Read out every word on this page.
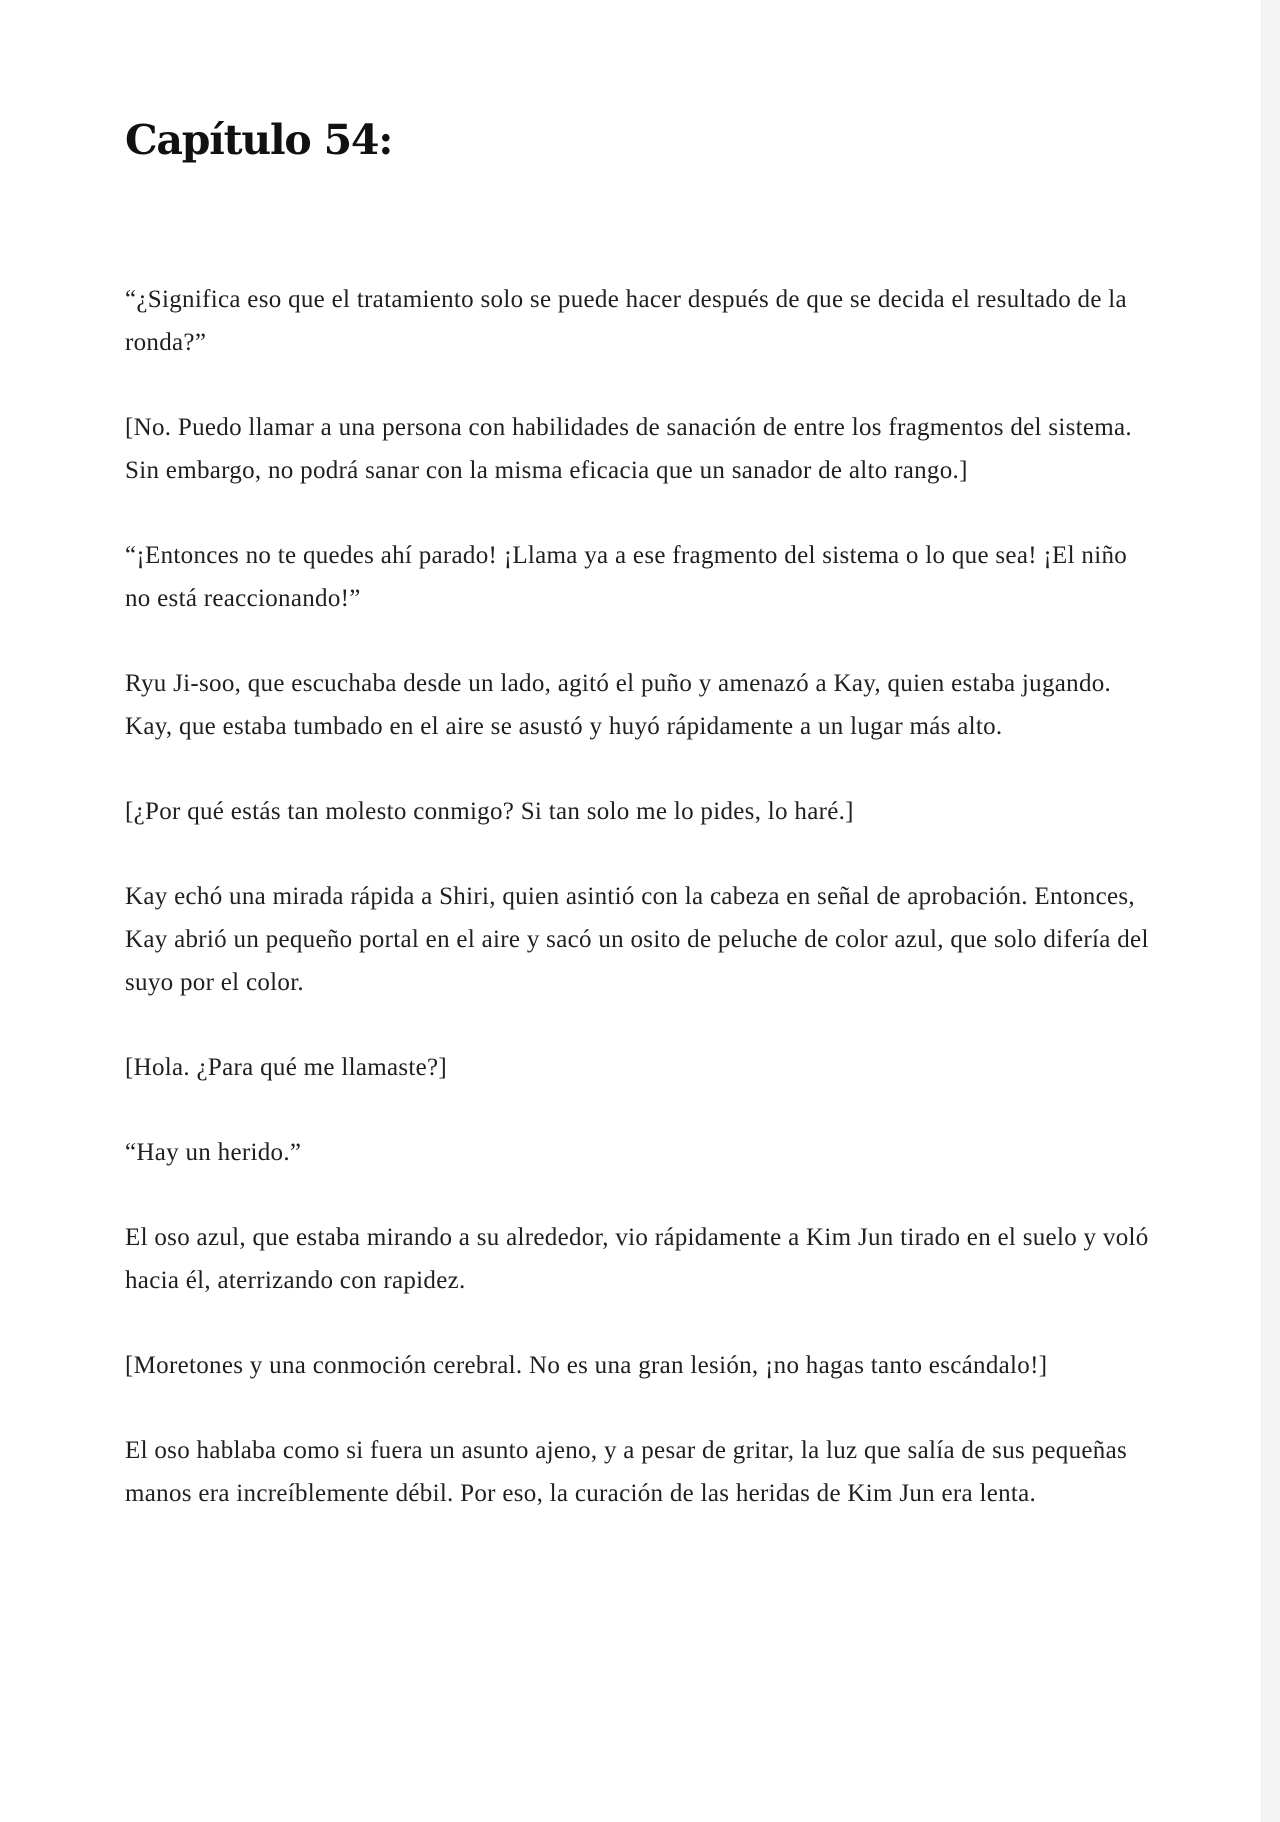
Capítulo 54:

“¿Significa eso que el tratamiento solo se puede hacer después de que se decida el resultado de la ronda?”

[No. Puedo llamar a una persona con habilidades de sanación de entre los fragmentos del sistema. Sin embargo, no podrá sanar con la misma eficacia que un sanador de alto rango.]

“¡Entonces no te quedes ahí parado! ¡Llama ya a ese fragmento del sistema o lo que sea! ¡El niño no está reaccionando!”

Ryu Ji-soo, que escuchaba desde un lado, agitó el puño y amenazó a Kay, quien estaba jugando. Kay, que estaba tumbado en el aire se asustó y huyó rápidamente a un lugar más alto.

[¿Por qué estás tan molesto conmigo? Si tan solo me lo pides, lo haré.]

Kay echó una mirada rápida a Shiri, quien asintió con la cabeza en señal de aprobación. Entonces, Kay abrió un pequeño portal en el aire y sacó un osito de peluche de color azul, que solo difería del suyo por el color.

[Hola. ¿Para qué me llamaste?]

“Hay un herido.”

El oso azul, que estaba mirando a su alrededor, vio rápidamente a Kim Jun tirado en el suelo y voló hacia él, aterrizando con rapidez.

[Moretones y una conmoción cerebral. No es una gran lesión, ¡no hagas tanto escándalo!]

El oso hablaba como si fuera un asunto ajeno, y a pesar de gritar, la luz que salía de sus pequeñas manos era increíblemente débil. Por eso, la curación de las heridas de Kim Jun era lenta.
